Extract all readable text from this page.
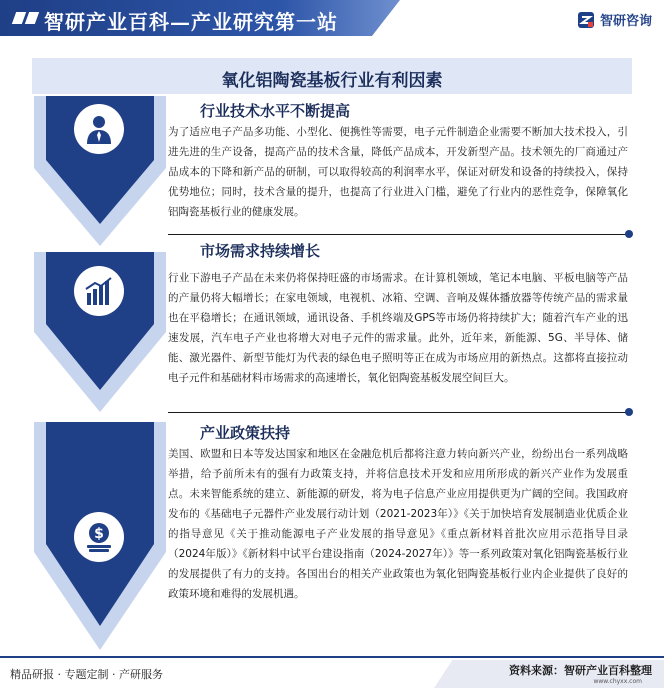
智研产业百科—产业研究第一站	智研咨询
氧化铝陶瓷基板行业有利因素
$
行业技术水平不断提高
为了适应电子产品多功能、小型化、便携性等需要，电子元件制造企业需要不断加大技术投入，引进先进的生产设备，提高产品的技术含量，降低产品成本，开发新型产品。技术领先的厂商通过产品成本的下降和新产品的研制，可以取得较高的利润率水平，保证对研发和设备的持续投入，保持优势地位；同时，技术含量的提升，也提高了行业进入门槛，避免了行业内的恶性竞争，保障氧化铝陶瓷基板行业的健康发展。
市场需求持续增长
行业下游电子产品在未来仍将保持旺盛的市场需求。在计算机领域，笔记本电脑、平板电脑等产品的产量仍将大幅增长；在家电领域，电视机、冰箱、空调、音响及媒体播放器等传统产品的需求量也在平稳增长；在通讯领域，通讯设备、手机终端及GPS等市场仍将持续扩大；随着汽车产业的迅速发展，汽车电子产业也将增大对电子元件的需求量。此外，近年来，新能源、5G、半导体、储能、激光器件、新型节能灯为代表的绿色电子照明等正在成为市场应用的新热点。这都将直接拉动电子元件和基础材料市场需求的高速增长，氧化铝陶瓷基板发展空间巨大。
产业政策扶持
美国、欧盟和日本等发达国家和地区在金融危机后都将注意力转向新兴产业，纷纷出台一系列战略举措，给予前所未有的强有力政策支持，并将信息技术开发和应用所形成的新兴产业作为发展重点。未来智能系统的建立、新能源的研发，将为电子信息产业应用提供更为广阔的空间。我国政府发布的《基础电子元器件产业发展行动计划（2021-2023年）》《关于加快培育发展制造业优质企业的指导意见《关于推动能源电子产业发展的指导意见》《重点新材料首批次应用示范指导目录（2024年版）》《新材料中试平台建设指南（2024-2027年）》等一系列政策对氧化铝陶瓷基板行业的发展提供了有力的支持。各国出台的相关产业政策也为氧化铝陶瓷基板行业内企业提供了良好的政策环境和难得的发展机遇。
精品研报 · 专题定制 · 产研服务	资料来源：智研产业百科整理
www.chyxx.com
